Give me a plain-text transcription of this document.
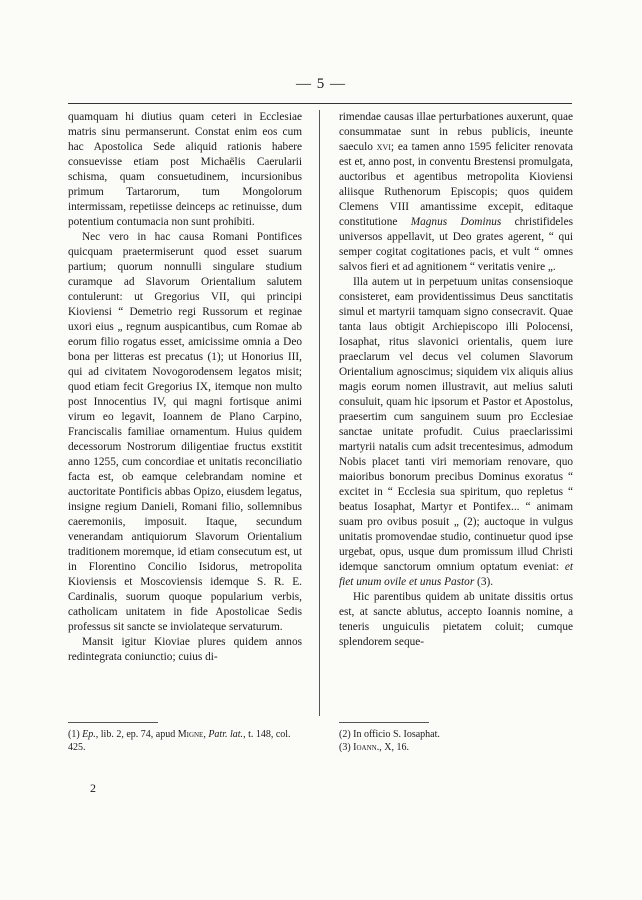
— 5 —

quamquam hi diutius quam ceteri in Ecclesiae matris sinu permanserunt. Constat enim eos cum hac Apostolica Sede aliquid rationis habere consuevisse etiam post Michaëlis Caerularii schisma, quam consuetudinem, incursionibus primum Tartarorum, tum Mongolorum intermissam, repetiisse deinceps ac retinuisse, dum potentium contumacia non sunt prohibiti.

Nec vero in hac causa Romani Pontifices quicquam praetermiserunt quod esset suarum partium; quorum nonnulli singulare studium curamque ad Slavorum Orientalium salutem contulerunt: ut Gregorius VII, qui principi Kioviensi “ Demetrio regi Russorum et reginae uxori eius „ regnum auspicantibus, cum Romae ab eorum filio rogatus esset, amicissime omnia a Deo bona per litteras est precatus (1); ut Honorius III, qui ad civitatem Novogorodensem legatos misit; quod etiam fecit Gregorius IX, itemque non multo post Innocentius IV, qui magni fortisque animi virum eo legavit, Ioannem de Plano Carpino, Franciscalis familiae ornamentum. Huius quidem decessorum Nostrorum diligentiae fructus exstitit anno 1255, cum concordiae et unitatis reconciliatio facta est, ob eamque celebrandam nomine et auctoritate Pontificis abbas Opizo, eiusdem legatus, insigne regium Danieli, Romani filio, sollemnibus caeremoniis, imposuit. Itaque, secundum venerandam antiquiorum Slavorum Orientalium traditionem moremque, id etiam consecutum est, ut in Florentino Concilio Isidorus, metropolita Kioviensis et Moscoviensis idemque S. R. E. Cardinalis, suorum quoque popularium verbis, catholicam unitatem in fide Apostolicae Sedis professus sit sancte se inviolateque servaturum.

Mansit igitur Kioviae plures quidem annos redintegrata coniunctio; cuius di-

rimendae causas illae perturbationes auxerunt, quae consummatae sunt in rebus publicis, ineunte saeculo xvi; ea tamen anno 1595 feliciter renovata est et, anno post, in conventu Brestensi promulgata, auctoribus et agentibus metropolita Kioviensi aliisque Ruthenorum Episcopis; quos quidem Clemens VIII amantissime excepit, editaque constitutione Magnus Dominus christifideles universos appellavit, ut Deo grates agerent, “ qui semper cogitat cogitationes pacis, et vult “ omnes salvos fieri et ad agnitionem “ veritatis venire „.

Illa autem ut in perpetuum unitas consensioque consisteret, eam providentissimus Deus sanctitatis simul et martyrii tamquam signo consecravit. Quae tanta laus obtigit Archiepiscopo illi Polocensi, Iosaphat, ritus slavonici orientalis, quem iure praeclarum vel decus vel columen Slavorum Orientalium agnoscimus; siquidem vix aliquis alius magis eorum nomen illustravit, aut melius saluti consuluit, quam hic ipsorum et Pastor et Apostolus, praesertim cum sanguinem suum pro Ecclesiae sanctae unitate profudit. Cuius praeclarissimi martyrii natalis cum adsit trecentesimus, admodum Nobis placet tanti viri memoriam renovare, quo maioribus bonorum precibus Dominus exoratus “ excitet in “ Ecclesia sua spiritum, quo repletus “ beatus Iosaphat, Martyr et Pontifex... “ animam suam pro ovibus posuit „ (2); auctoque in vulgus unitatis promovendae studio, continuetur quod ipse urgebat, opus, usque dum promissum illud Christi idemque sanctorum omnium optatum eveniat: et fiet unum ovile et unus Pastor (3).

Hic parentibus quidem ab unitate dissitis ortus est, at sancte ablutus, accepto Ioannis nomine, a teneris unguiculis pietatem coluit; cumque splendorem seque-

(1) Ep., lib. 2, ep. 74, apud Migne, Patr. lat., t. 148, col. 425.

(2) In officio S. Iosaphat.

(3) Ioann., X, 16.

2
